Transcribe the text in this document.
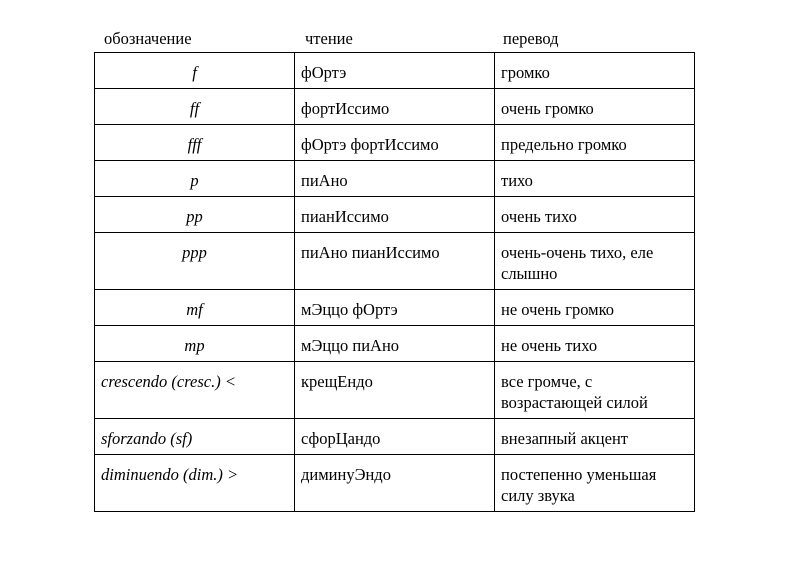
обозначение	чтение	перевод
f	фОртэ	громко
ff	фортИссимо	очень громко
fff	фОртэ фортИссимо	предельно громко
p	пиАно	тихо
pp	пианИссимо	очень тихо
ppp	пиАно пианИссимо	очень-очень тихо, еле слышно
mf	мЭццо фОртэ	не очень громко
mp	мЭццо пиАно	не очень тихо
crescendo (cresc.) <	крещЕндо	все громче, с возрастающей силой
sforzando (sf)	сфорЦандо	внезапный акцент
diminuendo (dim.) >	диминуЭндо	постепенно уменьшая силу звука
